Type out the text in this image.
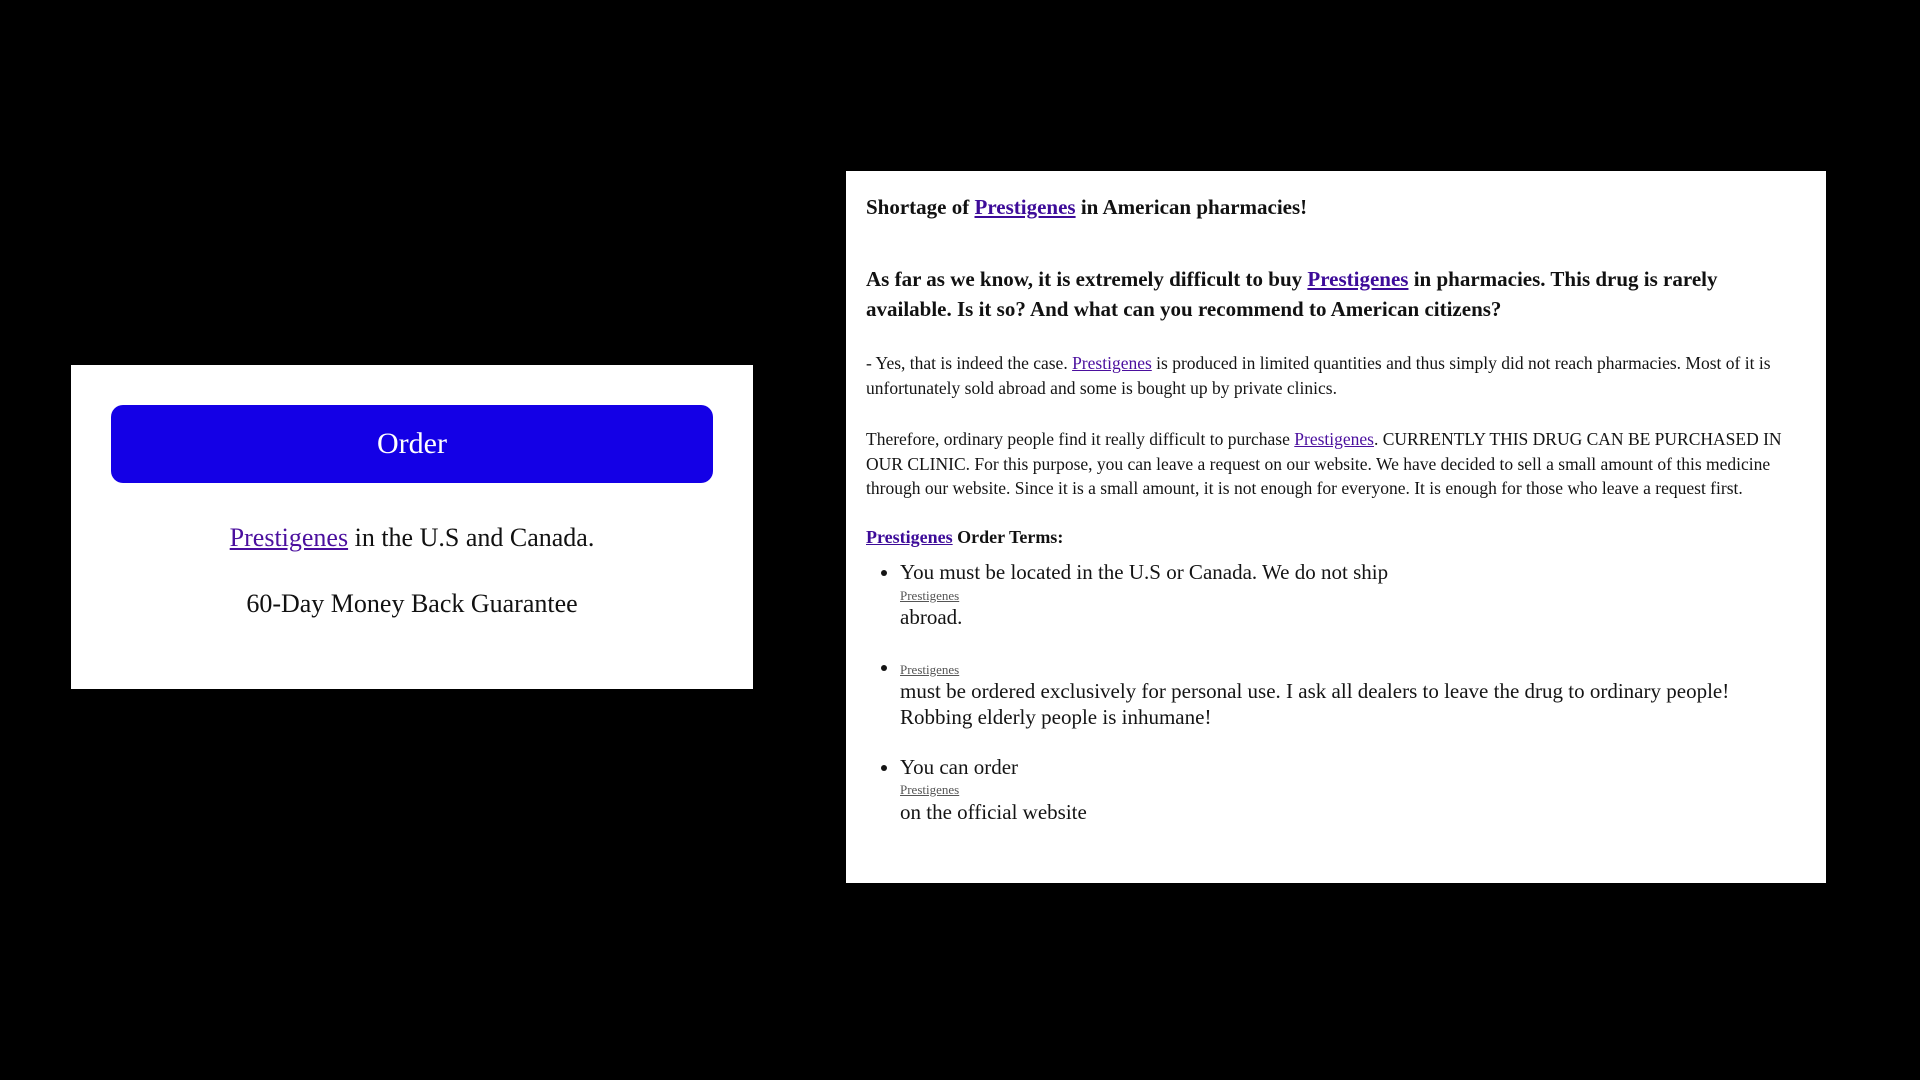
Order
Prestigenes in the U.S and Canada.
60-Day Money Back Guarantee
Shortage of Prestigenes in American pharmacies!
As far as we know, it is extremely difficult to buy Prestigenes in pharmacies. This drug is rarely available. Is it so? And what can you recommend to American citizens?

- Yes, that is indeed the case. Prestigenes is produced in limited quantities and thus simply did not reach pharmacies. Most of it is unfortunately sold abroad and some is bought up by private clinics.

Therefore, ordinary people find it really difficult to purchase Prestigenes. CURRENTLY THIS DRUG CAN BE PURCHASED IN OUR CLINIC. For this purpose, you can leave a request on our website. We have decided to sell a small amount of this medicine through our website. Since it is a small amount, it is not enough for everyone. It is enough for those who leave a request first.

Prestigenes Order Terms:

• You must be located in the U.S or Canada. We do not ship
Prestigenes
abroad.
• Prestigenes
must be ordered exclusively for personal use. I ask all dealers to leave the drug to ordinary people! Robbing elderly people is inhumane!
• You can order
Prestigenes
on the official website
